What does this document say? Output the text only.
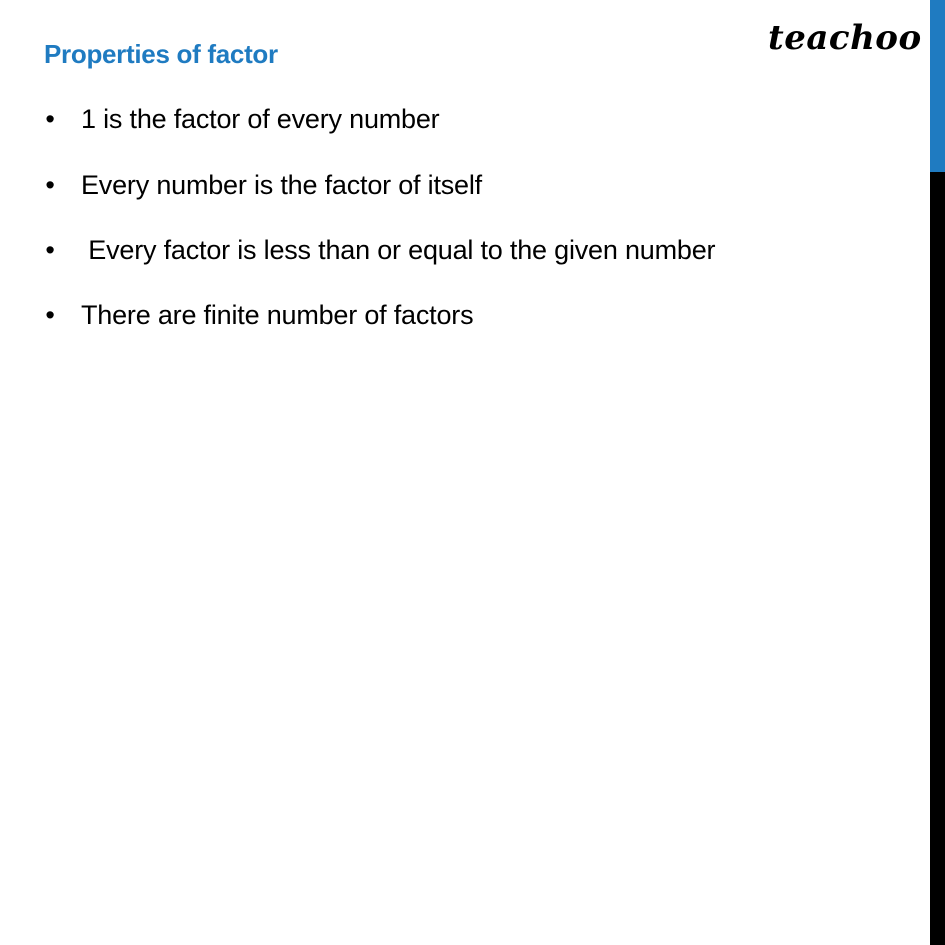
Properties of factor	teachoo
• 1 is the factor of every number
• Every number is the factor of itself
• Every factor is less than or equal to the given number
• There are finite number of factors
